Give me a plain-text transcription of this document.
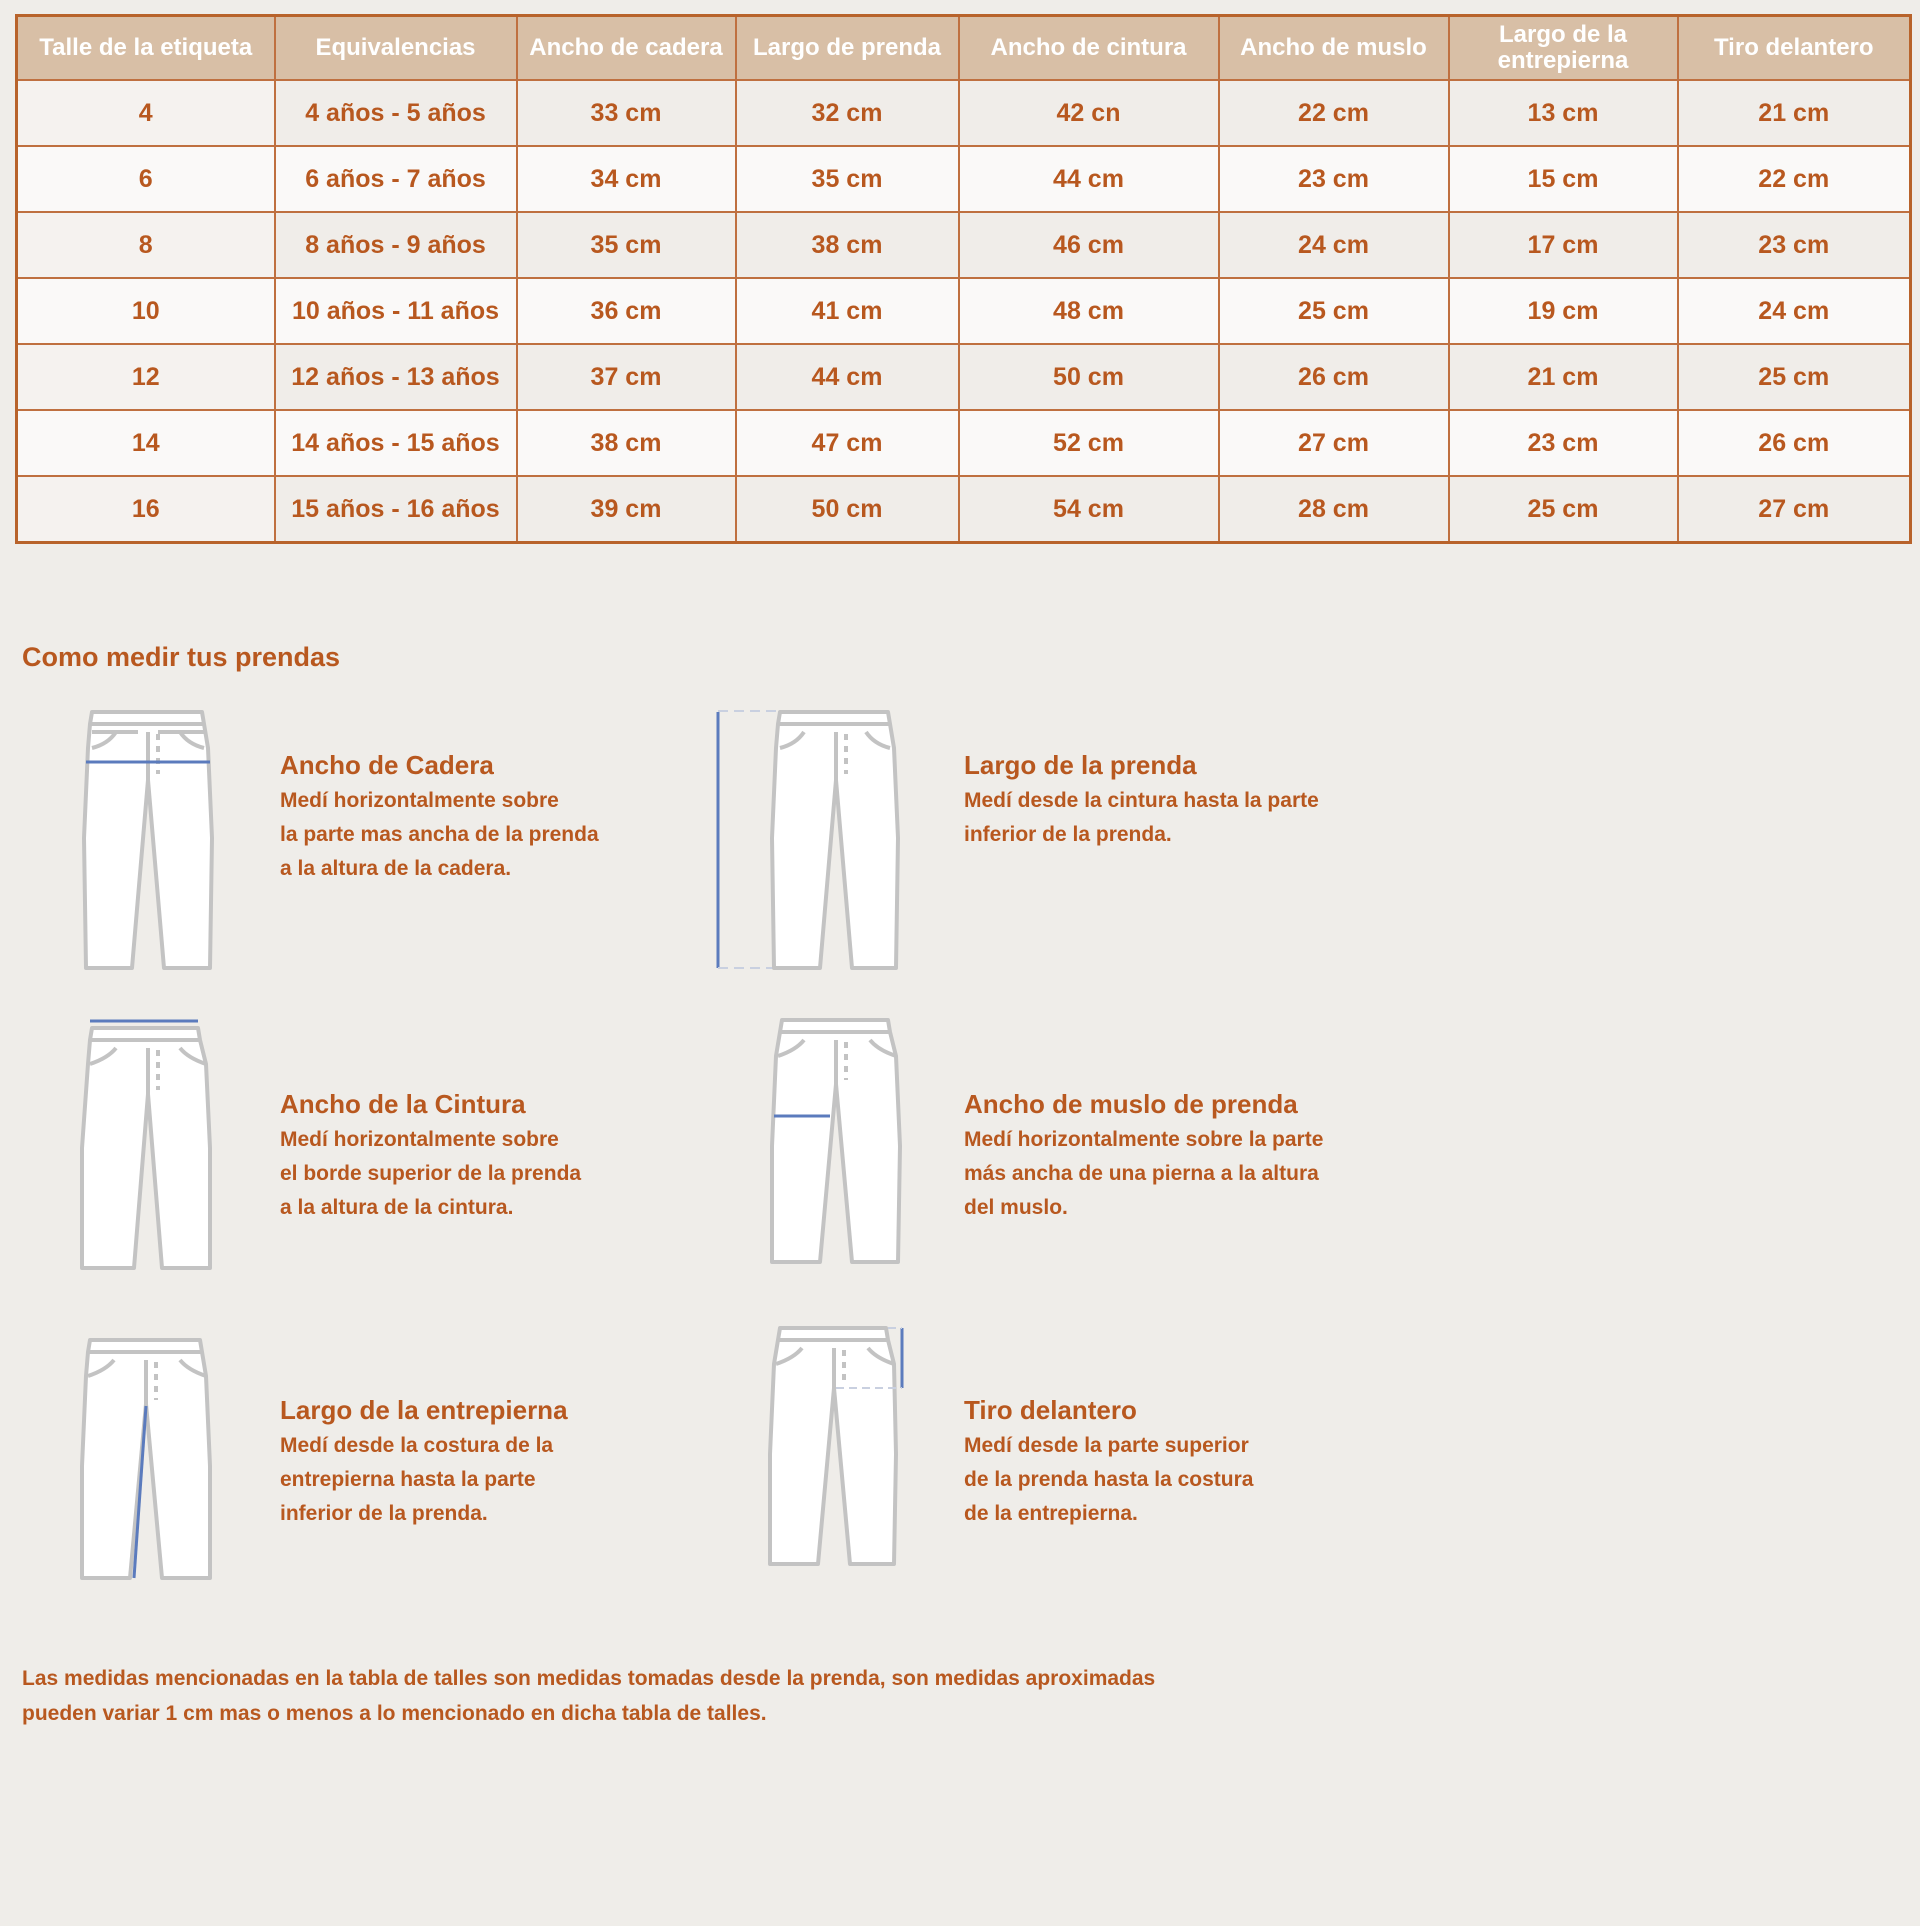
Talle de la etiqueta	Equivalencias	Ancho de cadera	Largo de prenda	Ancho de cintura	Ancho de muslo	Largo de la entrepierna	Tiro delantero
4	4 años - 5 años	33 cm	32 cm	42 cn	22 cm	13 cm	21 cm
6	6 años - 7 años	34 cm	35 cm	44 cm	23 cm	15 cm	22 cm
8	8 años - 9 años	35 cm	38 cm	46 cm	24 cm	17 cm	23 cm
10	10 años - 11 años	36 cm	41 cm	48 cm	25 cm	19 cm	24 cm
12	12 años - 13 años	37 cm	44 cm	50 cm	26 cm	21 cm	25 cm
14	14 años - 15 años	38 cm	47 cm	52 cm	27 cm	23 cm	26 cm
16	15 años - 16 años	39 cm	50 cm	54 cm	28 cm	25 cm	27 cm
Como medir tus prendas
Ancho de Cadera
Medí horizontalmente sobre
la parte mas ancha de la prenda
a la altura de la cadera.
Largo de la prenda
Medí desde la cintura hasta la parte
inferior de la prenda.
Ancho de la Cintura
Medí horizontalmente sobre
el borde superior de la prenda
a la altura de la cintura.
Ancho de muslo de prenda
Medí horizontalmente sobre la parte
más ancha de una pierna a la altura
del muslo.
Largo de la entrepierna
Medí desde la costura de la
entrepierna hasta la parte
inferior de la prenda.
Tiro delantero
Medí desde la parte superior
de la prenda hasta la costura
de la entrepierna.
Las medidas mencionadas en la tabla de talles son medidas tomadas desde la prenda, son medidas aproximadas
pueden variar 1 cm mas o menos a lo mencionado en dicha tabla de talles.
